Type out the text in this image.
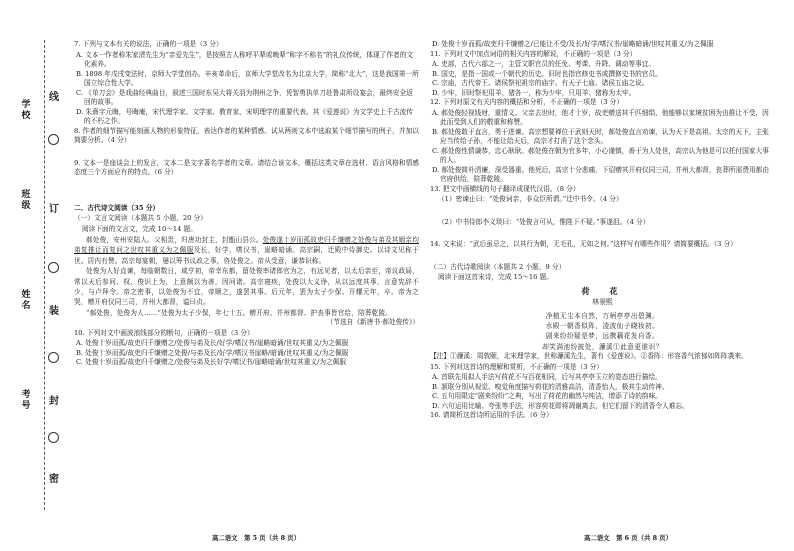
线
订
装
封
密
学校
班级
姓名
考号
7. 下列与文本有关的说法，正确的一项是（3 分）
A. 文本一作者称朱家溍先生为“亲爱先生”，是按照古人称呼平辈或晚辈“称字不称名”的礼仪传统，体现了作者的文化素养。
B. 1898 年戊戌变法时，京师大学堂创办。辛亥革命后，京师大学堂改名为北京大学，简称“北大”，这是我国第一所国立综合性大学。
C. 《单刀会》是戏曲经典曲目，叙述三国时东吴大将关羽为荆州之争，凭智勇执单刀赴鲁肃所设宴会，最终安全返回的故事。
D. 朱熹字元晦，号晦庵，宋代理学家、文学家、教育家，宋明理学的重要代表。其《爱莲说》为文学史上千古流传的不朽之作。
8. 作者的细节描写能刻画人物的形象特征，表达作者的某种情感。试从两则文本中选取某个细节描写的例子，并加以简要分析。（4 分）
9. 文本一是座谈会上的发言，文本二是文字著名学者的文章。请结合该文本，概括这类文章在选材、语言风格和情感态度三个方面应有的特点。（6 分）
二、古代诗文阅读（35 分）
（一）文言文阅读（本题共 5 小题，20 分）
阅读下面的文言文，完成 10～14 题。

郝处俊，安州安陆人。父相贵，归唐功封主，封甑山县公。处俊遂十岁而孤故吏归千缣赠之处俊与弟及其姻亲均弟复推让而复问之世叹其重义为之佩服及长，好学，嗜汉书，崖略暗诵。高宗嗣，迁殿中侍御史。以诗文见称于世。居内有赞。高宗每宴朝，屡以筹书议政之事，咨处俊之。帝从受意，谦恭识称。

处俊为人好直谏，每临朝数日，咸亨初，帝幸东都，留处俊率诸郎官为之，有远见者，以太后亲至，帝议政局，常以天后参问、权、俊识上为，上意颇以为善，因问诸。高宗寝疾，处俊以大义诤，从以远度其事，言意宪辞不少，与卢拜令。帝之密事，以处俊为不宜，帝顺之，遂罢其事。后元年，罢为太子少保。开耀元年，卒。帝为之哭，赠开府仪同三司，并州大都督，谥曰贞。

“郝处俊，处俊为人……”处俊为太子少保，年七十五。赠开府、并州都督、护丧事皆官给，陪葬乾陵。

（节选自《新唐书·郝处俊传》）
10. 下列对文中画波浪线部分的断句，正确的一项是（3 分）
A. 处俊十岁而孤/故吏归千缣赠之/处俊与弟及长/好学/嗜汉书/崖略暗诵/世叹其重义/为之佩服
B. 处俊十岁而孤/故吏归千缣赠之处俊/与弟及长/好学/嗜汉书崖略/暗诵/世叹其重义/为之佩服
C. 处俊十岁而孤/故吏归千缣赠之/处俊与弟及长好学/嗜汉书/崖略暗诵/世叹其重义/为之佩服
D. 处俊十岁而孤/故吏归千缣赠之/已能让不受/及长/好学/嗜汉书/崖略暗诵/世叹其重义/为之佩服
11. 下列对文中加点词语的相关内容的解说，不正确的一项是（3 分）
A. 吏部，古代六部之一，主管文职官员的任免、考课、升降、调动等事宜。
B. 国史，是指一国或一个朝代的历史。旧时也指官修史书或撰修史书的官员。
C. 宗庙，古代帝王、诸侯祭祀祖宗的庙宇。有天子七庙、诸侯五庙之说。
D. 少牢，旧时祭祀用羊、猪各一，称为少牢，只用羊、猪称为太牢。
12. 下列对原文有关内容的概括和分析，不正确的一项是（3 分）
A. 郝处俊轻视钱财，重情义。父亲去世时，他才十岁，故吏赠送其千匹细绢，他能够以家境贫困为由推让不受，因此而受到人们的敬重和称赞。
B. 郝处俊敢于直言，勇于进谏。高宗想要禅位于武则天时，郝处俊直言劝谏，认为天下是高祖、太宗的天下，主张应当传给子孙，不能让给天后，高宗才打消了这个念头。
C. 郝处俊性情谦恭，忠心耿耿。郝处俊在朝为官多年，小心谨慎，善于为人处世，高宗认为他是可以托付国家大事的人。
D. 郝处俊简朴清廉，深受器重。他死后，高宗十分悲痛，下诏赠其开府仪同三司，并州大都督，丧葬所需费用都由官府供给，陪葬乾陵。
13. 把文中画横线的句子翻译成现代汉语。（8 分）
（1）密谏止曰：“处俊词亲，非众臣所谓。”迁中书令。（4 分）
（2）中书侍郎李义琰曰：“处俊言可从，惟陛下不疑。”事遂沮。（4 分）
14. 文末说：“武后虽忌之，以其行为朝，无毛孔，无如之何。”这样写有哪些作用？请简要概括。（3 分）
（二）古代诗歌阅读（本题共 2 小题，9 分）
阅读下面这首宋诗，完成 15～16 题。
荷　花
林景熙
净植无尘本自然，万柄亭亭出碧渊。
水殿一朝香似阵，凌波仙子晓妆初。
剧来纷纷疑是梦，远携藕花发自香。
却笑满池纷披处，濂溪①此意更谁识？
【注】①濂溪：周敦颐，北宋理学家，世称濂溪先生，著有《爱莲说》。②香阵：形容香气浓郁如阵阵袭来。
15. 下列对这首诗的理解和赏析，不正确的一项是（3 分）
A. 首联先用拟人手法写荷花不与百花相同，后写其亭亭玉立的姿态进行描绘。
B. 颔联分别从视觉、嗅觉角度描写荷花的清雅高洁，清香怡人，极其生动传神。
C. 五句用限定“剧来纷纷”之典，写出了荷花的幽然与纯洁，增添了诗的韵味。
D. 六句运用比喻、夸张等手法，形容荷花即将凋谢离去，但它们留下的清香令人难忘。
16. 请简析这首诗所运用的手法。（6 分）
高二语文　第 5 页（共 8 页）	高二语文　第 6 页（共 8 页）
